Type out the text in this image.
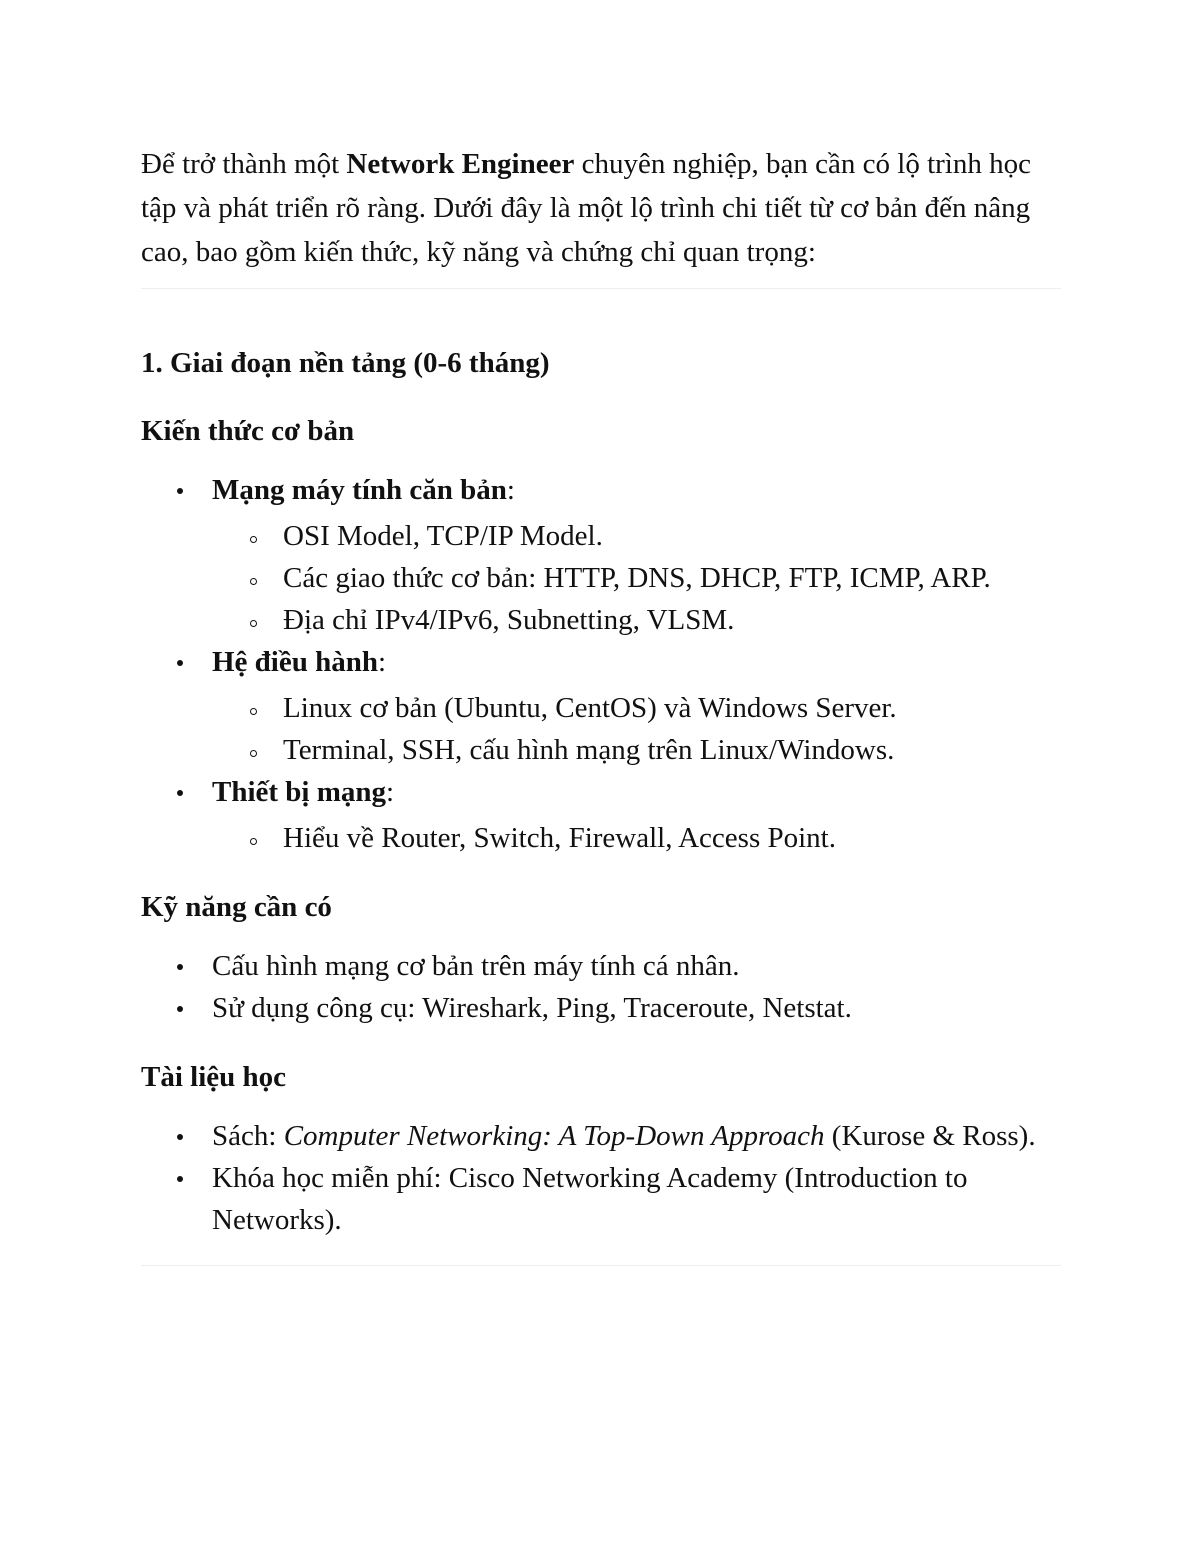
Để trở thành một Network Engineer chuyên nghiệp, bạn cần có lộ trình học tập và phát triển rõ ràng. Dưới đây là một lộ trình chi tiết từ cơ bản đến nâng cao, bao gồm kiến thức, kỹ năng và chứng chỉ quan trọng:

1. Giai đoạn nền tảng (0-6 tháng)
Kiến thức cơ bản
Mạng máy tính căn bản:
OSI Model, TCP/IP Model.
Các giao thức cơ bản: HTTP, DNS, DHCP, FTP, ICMP, ARP.
Địa chỉ IPv4/IPv6, Subnetting, VLSM.
Hệ điều hành:
Linux cơ bản (Ubuntu, CentOS) và Windows Server.
Terminal, SSH, cấu hình mạng trên Linux/Windows.
Thiết bị mạng:
Hiểu về Router, Switch, Firewall, Access Point.
Kỹ năng cần có
Cấu hình mạng cơ bản trên máy tính cá nhân.
Sử dụng công cụ: Wireshark, Ping, Traceroute, Netstat.
Tài liệu học
Sách: Computer Networking: A Top-Down Approach (Kurose & Ross).
Khóa học miễn phí: Cisco Networking Academy (Introduction to Networks).
